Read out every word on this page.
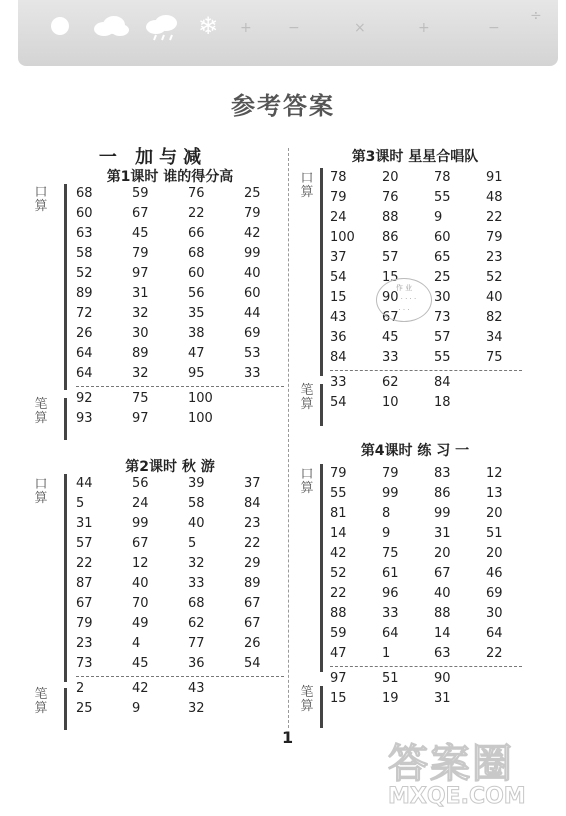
❄ +	−	×	+	−
÷
参考答案
一 加与减
第1课时 谁的得分高
口算
68	59	76	25
60	67	22	79
63	45	66	42
58	79	68	99
52	97	60	40
89	31	56	60
72	32	35	44
26	30	38	69
64	89	47	53
64	32	95	33
92	75	100
93	97	100
笔算
第2课时 秋 游
口算
44	56	39	37
5	24	58	84
31	99	40	23
57	67	5	22
22	12	32	29
87	40	33	89
67	70	68	67
79	49	62	67
23	4	77	26
73	45	36	54
2	42	43
25	9	32
笔算
第3课时 星星合唱队
口算
78	20	78	91
79	76	55	48
24	88	9	22
100 86	60	79
37	57	65	23
54	15	25	52
15	90	30	40
43	67	73	82
36	45	57	34
84	33	55	75
33	62	84
54	10	18
笔算
第4课时 练 习 一
口算
79	79	83	12
55	99	86	13
81	8	99	20
14	9	31	51
42	75	20	20
52	61	67	46
22	96	40	69
88	33	88	30
59	64	14	64
47	1	63	22
97	51	90
15	19	31
笔算
作 业
· · · · · ·
· · ·
1
答案圈
MXQE.COM
